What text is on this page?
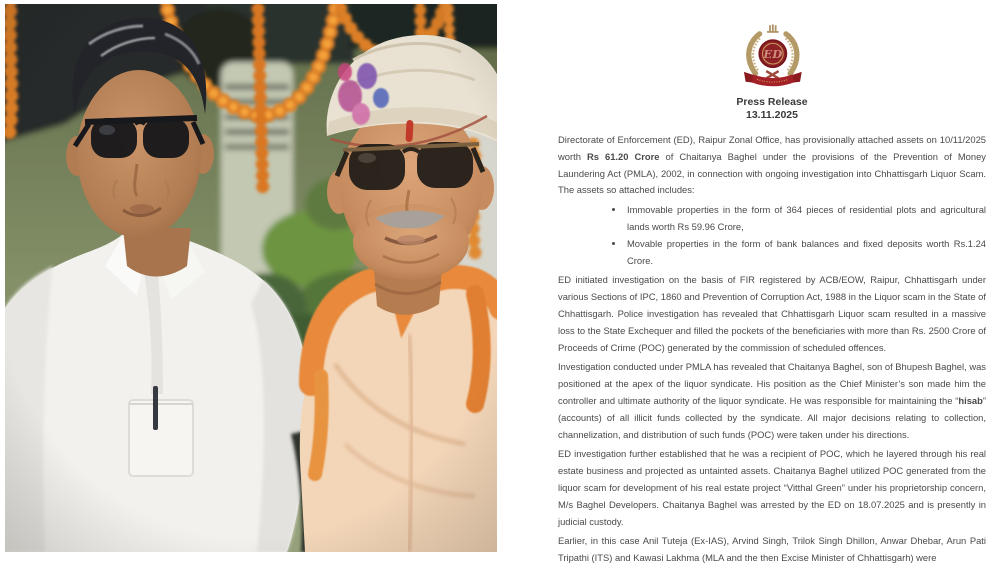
ED
Press Release
13.11.2025

Directorate of Enforcement (ED), Raipur Zonal Office, has provisionally attached assets on 10/11/2025 worth Rs 61.20 Crore of Chaitanya Baghel under the provisions of the Prevention of Money Laundering Act (PMLA), 2002, in connection with ongoing investigation into Chhattisgarh Liquor Scam. The assets so attached includes:

• Immovable properties in the form of 364 pieces of residential plots and agricultural lands worth Rs 59.96 Crore,
• Movable properties in the form of bank balances and fixed deposits worth Rs.1.24 Crore.

ED initiated investigation on the basis of FIR registered by ACB/EOW, Raipur, Chhattisgarh under various Sections of IPC, 1860 and Prevention of Corruption Act, 1988 in the Liquor scam in the State of Chhattisgarh. Police investigation has revealed that Chhattisgarh Liquor scam resulted in a massive loss to the State Exchequer and filled the pockets of the beneficiaries with more than Rs. 2500 Crore of Proceeds of Crime (POC) generated by the commission of scheduled offences.

Investigation conducted under PMLA has revealed that Chaitanya Baghel, son of Bhupesh Baghel, was positioned at the apex of the liquor syndicate. His position as the Chief Minister’s son made him the controller and ultimate authority of the liquor syndicate. He was responsible for maintaining the “hisab” (accounts) of all illicit funds collected by the syndicate. All major decisions relating to collection, channelization, and distribution of such funds (POC) were taken under his directions.

ED investigation further established that he was a recipient of POC, which he layered through his real estate business and projected as untainted assets. Chaitanya Baghel utilized POC generated from the liquor scam for development of his real estate project “Vitthal Green” under his proprietorship concern, M/s Baghel Developers. Chaitanya Baghel was arrested by the ED on 18.07.2025 and is presently in judicial custody.

Earlier, in this case Anil Tuteja (Ex-IAS), Arvind Singh, Trilok Singh Dhillon, Anwar Dhebar, Arun Pati Tripathi (ITS) and Kawasi Lakhma (MLA and the then Excise Minister of Chhattisgarh) were
